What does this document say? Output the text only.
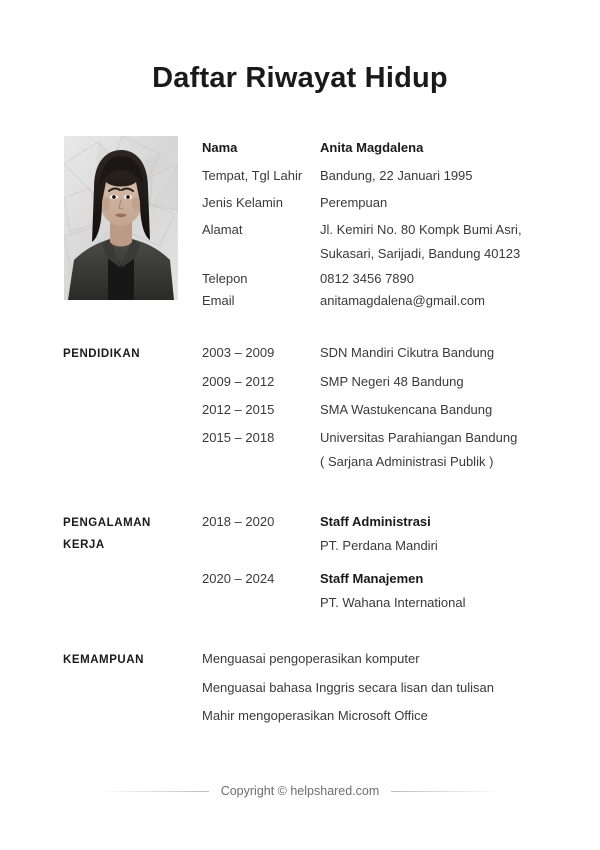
Daftar Riwayat Hidup
Nama	Anita Magdalena
Tempat, Tgl Lahir	Bandung, 22 Januari 1995
Jenis Kelamin	Perempuan
Alamat	Jl. Kemiri No. 80 Kompk Bumi Asri,
Sukasari, Sarijadi, Bandung 40123
Telepon	0812 3456 7890
Email	anitamagdalena@gmail.com
PENDIDIKAN	2003 – 2009	SDN Mandiri Cikutra Bandung
2009 – 2012	SMP Negeri 48 Bandung
2012 – 2015	SMA Wastukencana Bandung
2015 – 2018	Universitas Parahiangan Bandung
( Sarjana Administrasi Publik )
PENGALAMAN
KERJA
2018 – 2020	Staff Administrasi
PT. Perdana Mandiri
2020 – 2024	Staff Manajemen
PT. Wahana International
KEMAMPUAN	Menguasai pengoperasikan komputer
Menguasai bahasa Inggris secara lisan dan tulisan
Mahir mengoperasikan Microsoft Office
Copyright © helpshared.com
